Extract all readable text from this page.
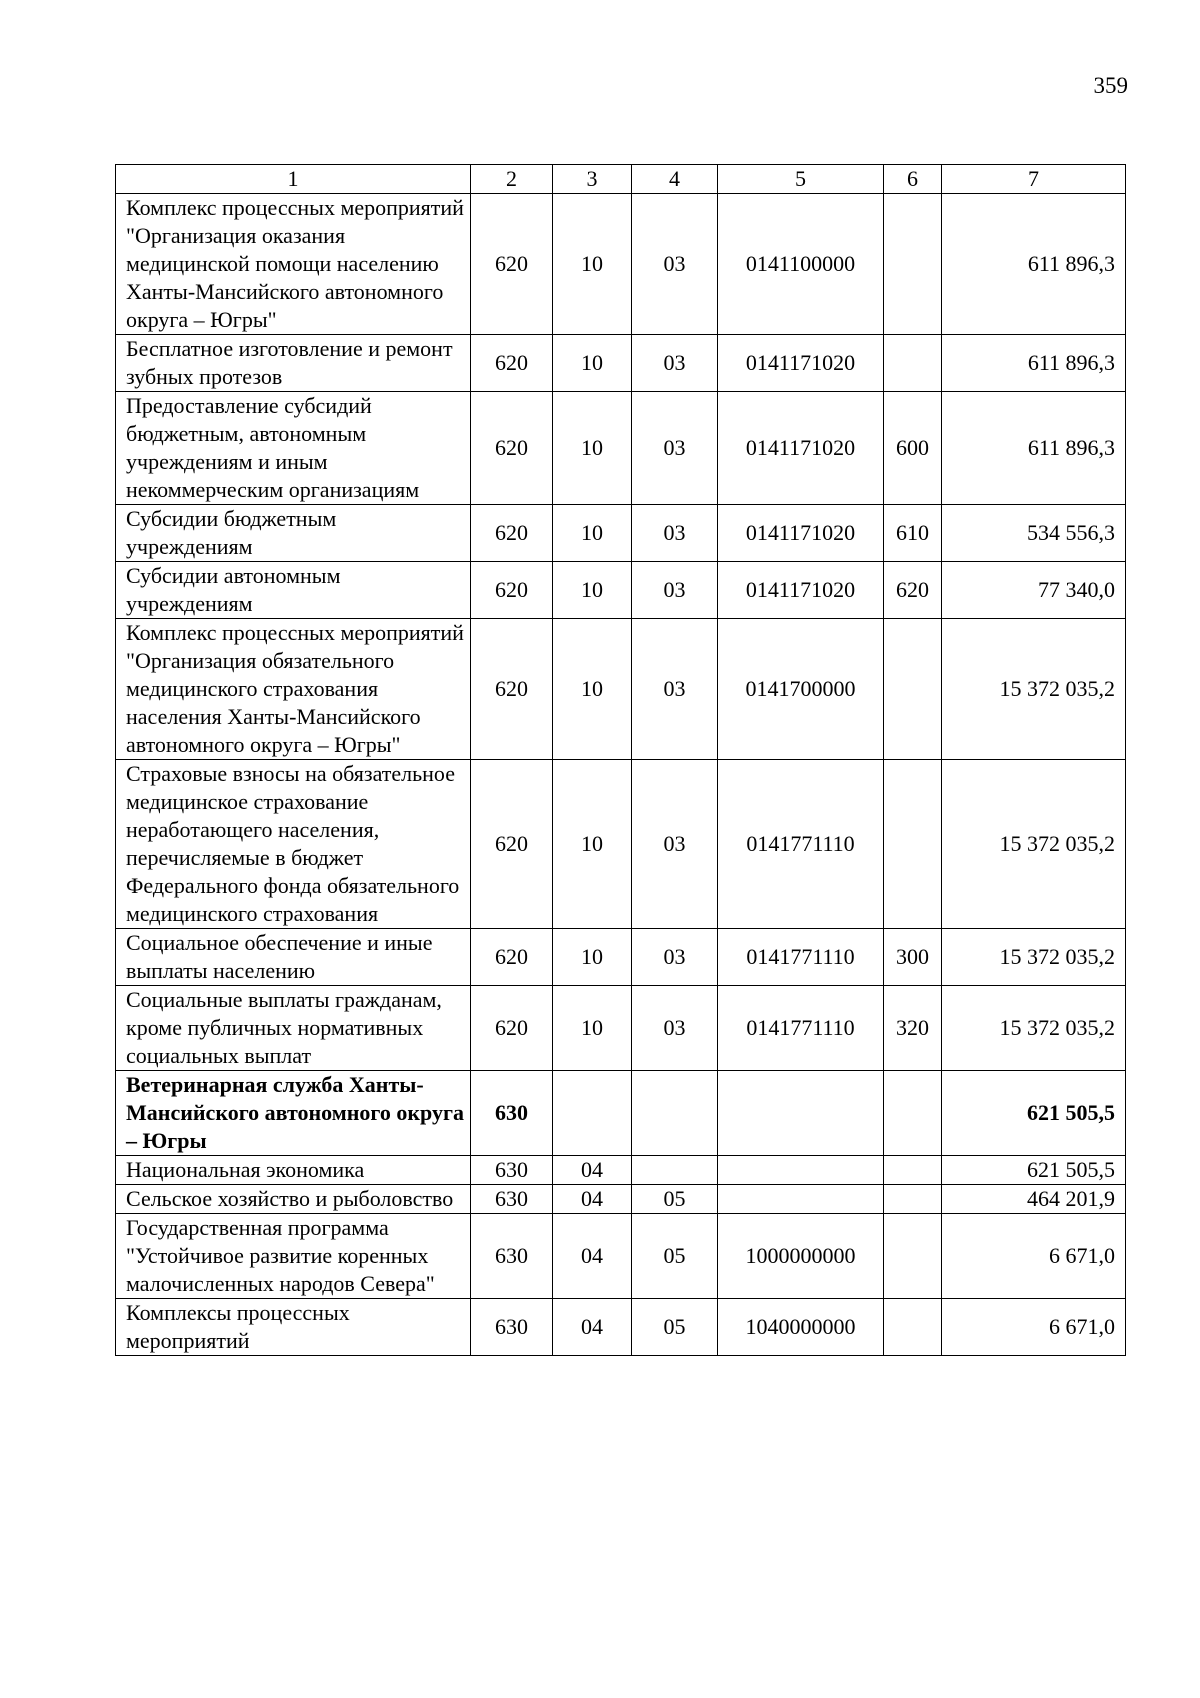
359
1	2	3	4	5	6	7
Комплекс процессных мероприятий "Организация оказания медицинской помощи населению Ханты-Мансийского автономного округа – Югры"	620	10	03	0141100000		611 896,3
Бесплатное изготовление и ремонт зубных протезов	620	10	03	0141171020		611 896,3
Предоставление субсидий бюджетным, автономным учреждениям и иным некоммерческим организациям	620	10	03	0141171020	600	611 896,3
Субсидии бюджетным учреждениям	620	10	03	0141171020	610	534 556,3
Субсидии автономным учреждениям	620	10	03	0141171020	620	77 340,0
Комплекс процессных мероприятий "Организация обязательного медицинского страхования населения Ханты-Мансийского автономного округа – Югры"	620	10	03	0141700000		15 372 035,2
Страховые взносы на обязательное медицинское страхование неработающего населения, перечисляемые в бюджет Федерального фонда обязательного медицинского страхования	620	10	03	0141771110		15 372 035,2
Социальное обеспечение и иные выплаты населению	620	10	03	0141771110	300	15 372 035,2
Социальные выплаты гражданам, кроме публичных нормативных социальных выплат	620	10	03	0141771110	320	15 372 035,2
Ветеринарная служба Ханты-Мансийского автономного округа – Югры	630					621 505,5
Национальная экономика	630	04				621 505,5
Сельское хозяйство и рыболовство	630	04	05			464 201,9
Государственная программа "Устойчивое развитие коренных малочисленных народов Севера"	630	04	05	1000000000		6 671,0
Комплексы процессных мероприятий	630	04	05	1040000000		6 671,0
